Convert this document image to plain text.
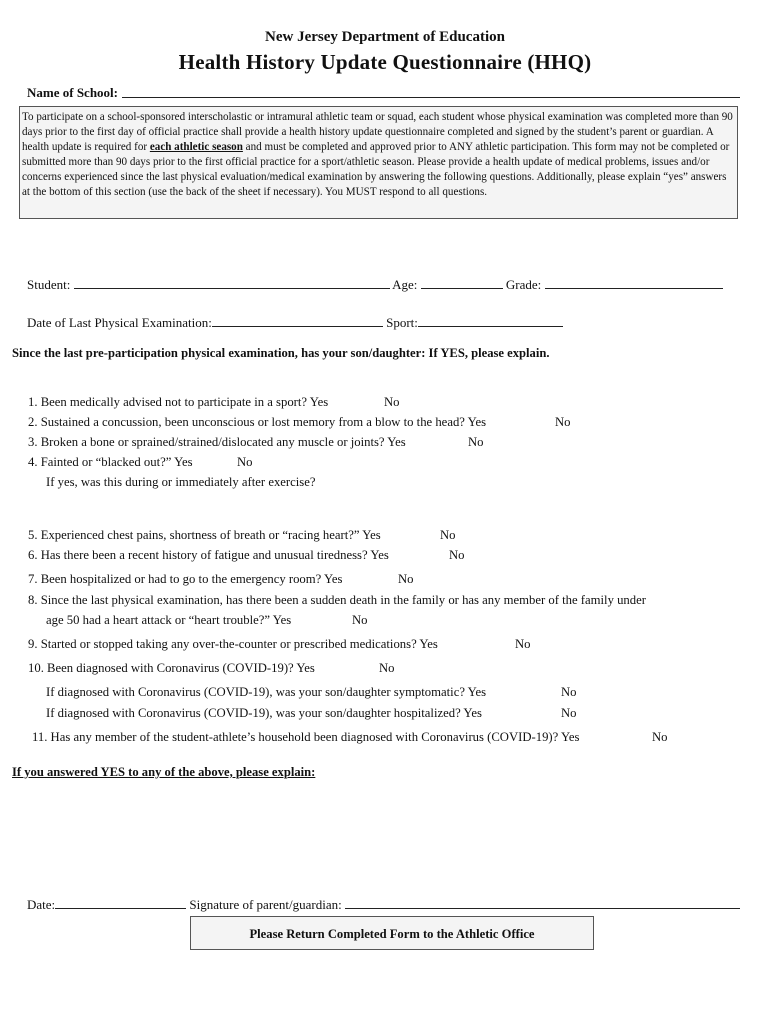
New Jersey Department of Education
Health History Update Questionnaire (HHQ)
Name of School:
To participate on a school-sponsored interscholastic or intramural athletic team or squad, each student whose physical examination was completed more than 90 days prior to the first day of official practice shall provide a health history update questionnaire completed and signed by the student’s parent or guardian. A health update is required for each athletic season and must be completed and approved prior to ANY athletic participation. This form may not be completed or submitted more than 90 days prior to the first official practice for a sport/athletic season. Please provide a health update of medical problems, issues and/or concerns experienced since the last physical evaluation/medical examination by answering the following questions. Additionally, please explain “yes” answers at the bottom of this section (use the back of the sheet if necessary). You MUST respond to all questions.
Student:	Age:	Grade:
Date of Last Physical Examination:	Sport:
Since the last pre-participation physical examination, has your son/daughter: If YES, please explain.
1. Been medically advised not to participate in a sport? Yes	No
2. Sustained a concussion, been unconscious or lost memory from a blow to the head? Yes	No
3. Broken a bone or sprained/strained/dislocated any muscle or joints? Yes	No
4. Fainted or “blacked out?” Yes	No
If yes, was this during or immediately after exercise?
5. Experienced chest pains, shortness of breath or “racing heart?” Yes	No
6. Has there been a recent history of fatigue and unusual tiredness? Yes	No
7. Been hospitalized or had to go to the emergency room? Yes	No
8. Since the last physical examination, has there been a sudden death in the family or has any member of the family under
age 50 had a heart attack or “heart trouble?” Yes	No
9. Started or stopped taking any over-the-counter or prescribed medications? Yes	No
10. Been diagnosed with Coronavirus (COVID-19)? Yes	No
If diagnosed with Coronavirus (COVID-19), was your son/daughter symptomatic? Yes	No
If diagnosed with Coronavirus (COVID-19), was your son/daughter hospitalized? Yes	No
11. Has any member of the student-athlete’s household been diagnosed with Coronavirus (COVID-19)? Yes	No
If you answered YES to any of the above, please explain:
Date:	Signature of parent/guardian:
Please Return Completed Form to the Athletic Office
